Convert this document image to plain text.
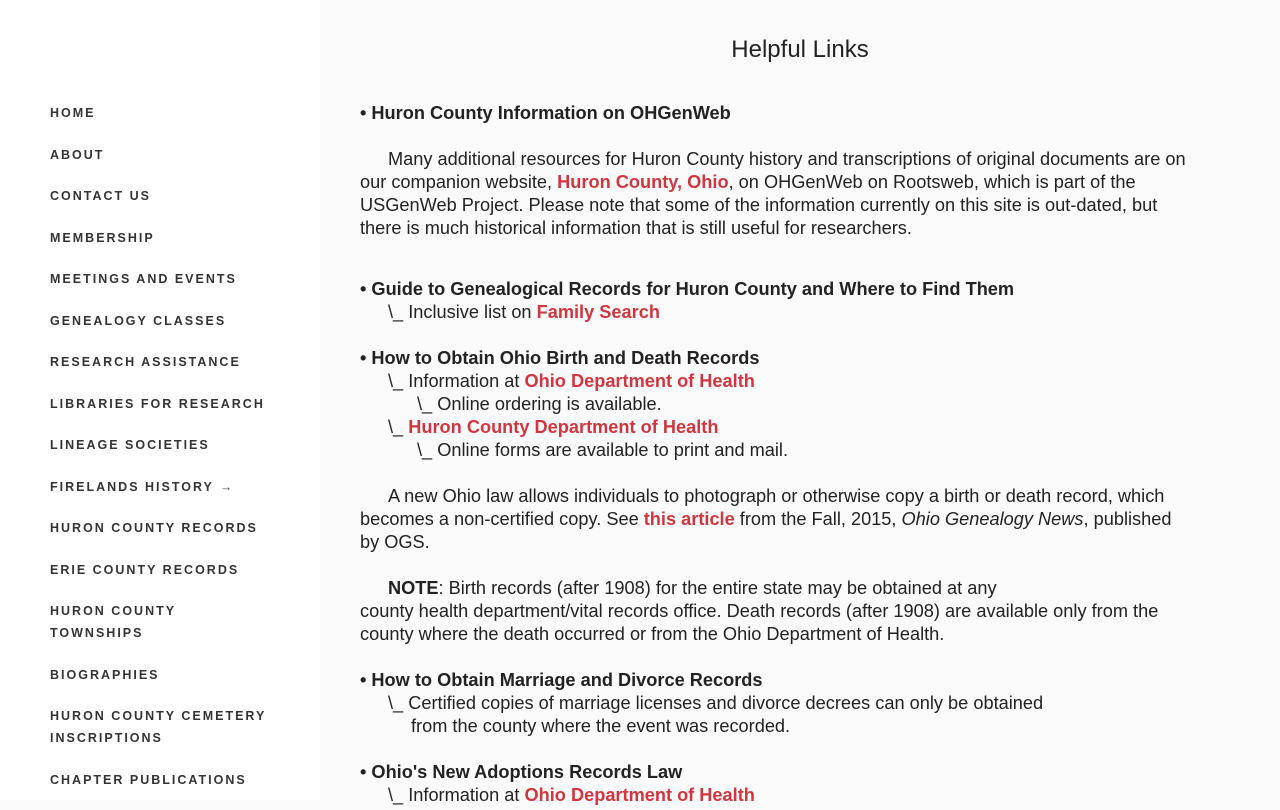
HOME
ABOUT
CONTACT US
MEMBERSHIP
MEETINGS AND EVENTS
GENEALOGY CLASSES
RESEARCH ASSISTANCE
LIBRARIES FOR RESEARCH
LINEAGE SOCIETIES
FIRELANDS HISTORY →
HURON COUNTY RECORDS
ERIE COUNTY RECORDS
HURON COUNTY
TOWNSHIPS
BIOGRAPHIES
HURON COUNTY CEMETERY
INSCRIPTIONS
CHAPTER PUBLICATIONS
Helpful Links
• Huron County Information on OHGenWeb
Many additional resources for Huron County history and transcriptions of original documents are on
our companion website, Huron County, Ohio, on OHGenWeb on Rootsweb, which is part of the
USGenWeb Project. Please note that some of the information currently on this site is out-dated, but
there is much historical information that is still useful for researchers.
• Guide to Genealogical Records for Huron County and Where to Find Them
\_ Inclusive list on Family Search
• How to Obtain Ohio Birth and Death Records
\_ Information at Ohio Department of Health
\_ Online ordering is available.
\_ Huron County Department of Health
\_ Online forms are available to print and mail.
A new Ohio law allows individuals to photograph or otherwise copy a birth or death record, which
becomes a non-certified copy. See this article from the Fall, 2015, Ohio Genealogy News, published
by OGS.
NOTE: Birth records (after 1908) for the entire state may be obtained at any
county health department/vital records office. Death records (after 1908) are available only from the
county where the death occurred or from the Ohio Department of Health.
• How to Obtain Marriage and Divorce Records
\_ Certified copies of marriage licenses and divorce decrees can only be obtained
from the county where the event was recorded.
• Ohio's New Adoptions Records Law
\_ Information at Ohio Department of Health
